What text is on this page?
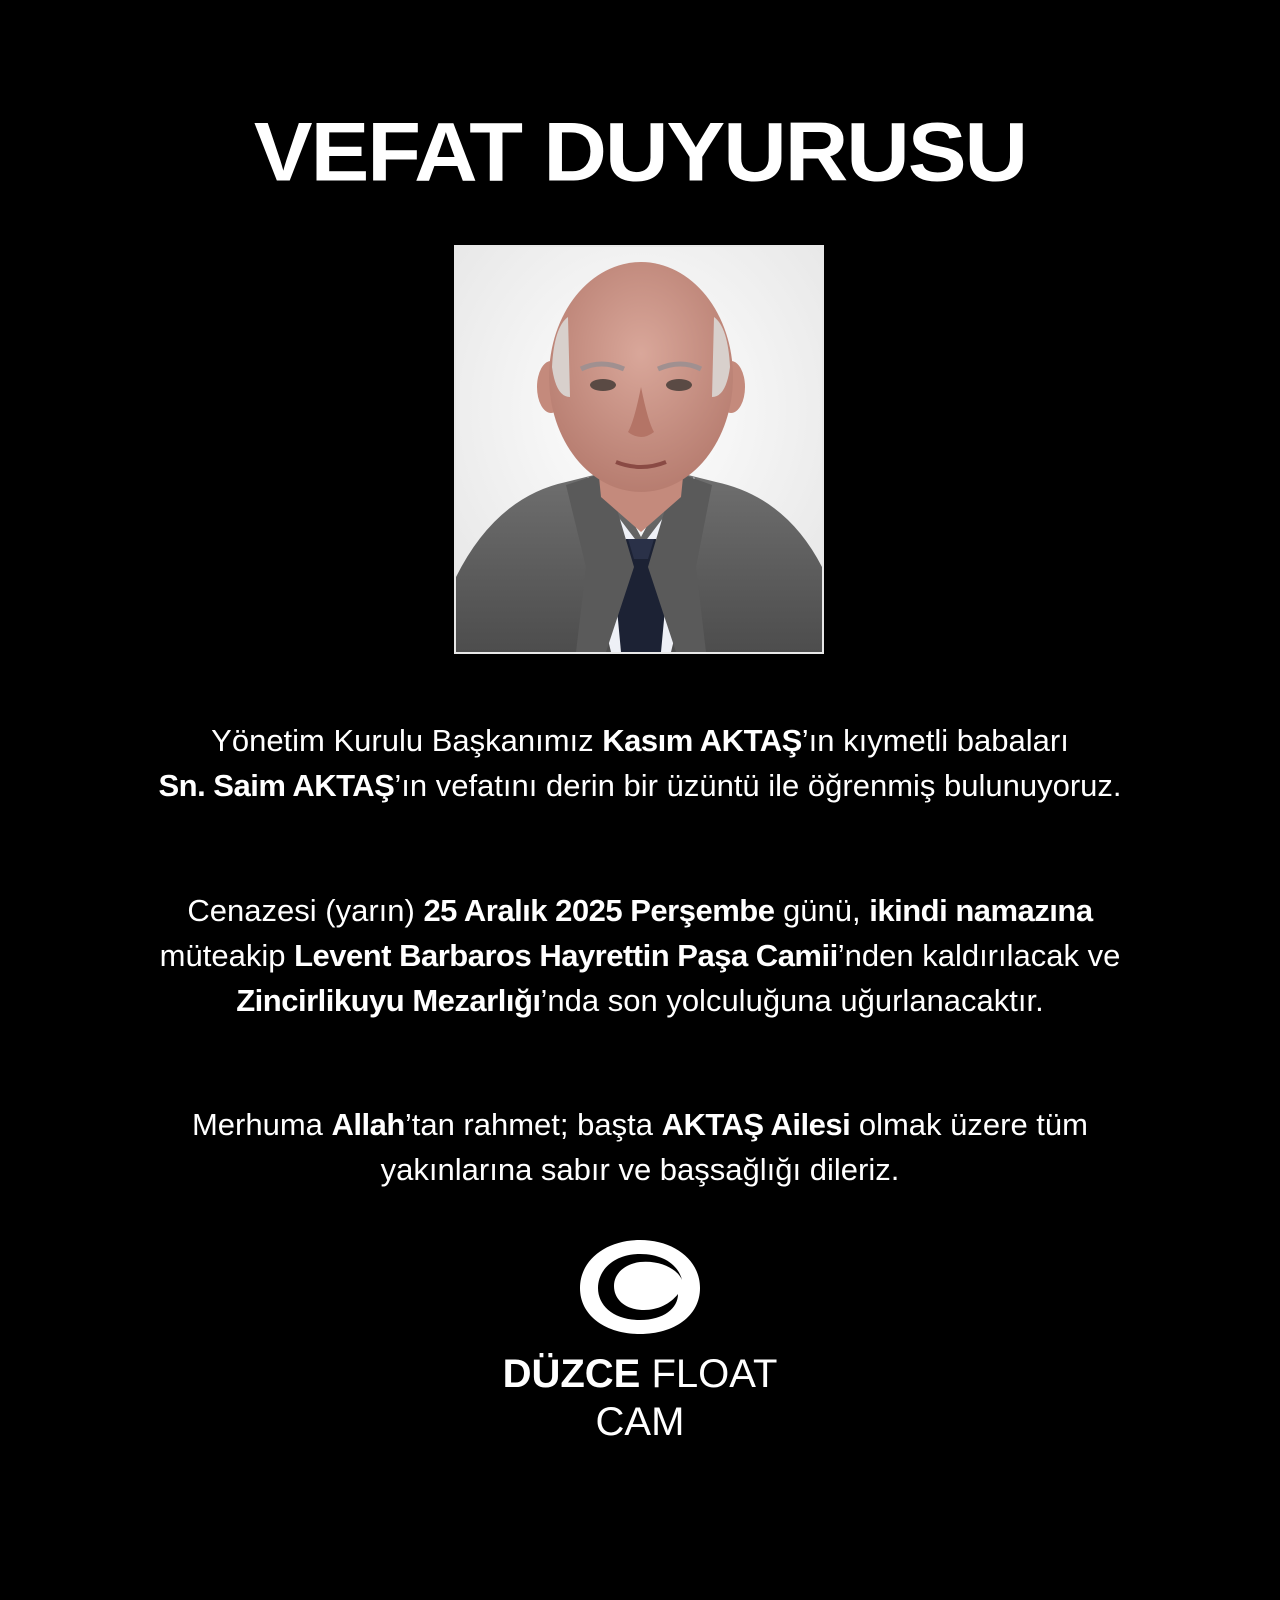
VEFAT DUYURUSU
Yönetim Kurulu Başkanımız Kasım AKTAŞ’ın kıymetli babaları
Sn. Saim AKTAŞ’ın vefatını derin bir üzüntü ile öğrenmiş bulunuyoruz.
Cenazesi (yarın) 25 Aralık 2025 Perşembe günü, ikindi namazına
müteakip Levent Barbaros Hayrettin Paşa Camii’nden kaldırılacak ve Zincirlikuyu Mezarlığı’nda son yolculuğuna uğurlanacaktır.
Merhuma Allah’tan rahmet; başta AKTAŞ Ailesi olmak üzere tüm yakınlarına sabır ve başsağlığı dileriz.
DÜZCE FLOAT
CAM
